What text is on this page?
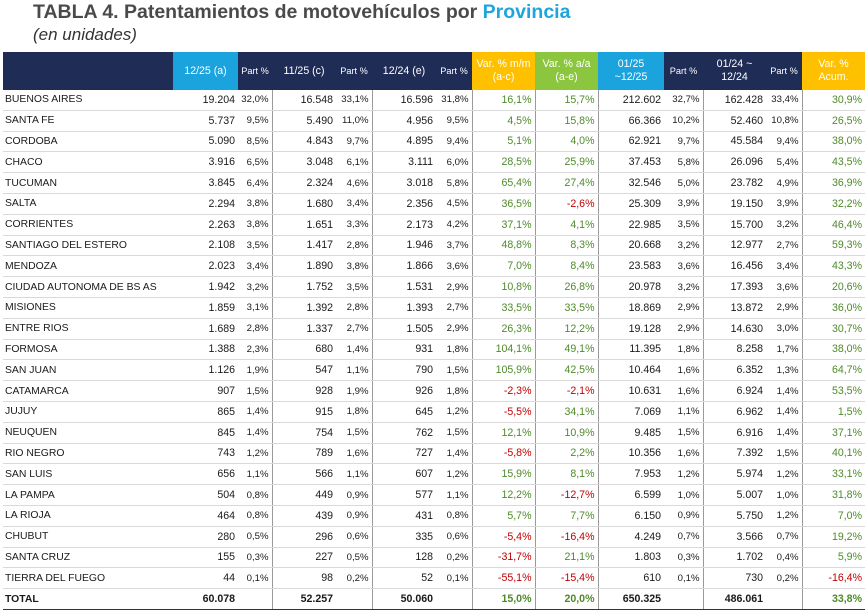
TABLA 4. Patentamientos de motovehículos por Provincia
(en unidades)
	12/25 (a)	Part %	11/25 (c)	Part %	12/24 (e)	Part %	Var. % m/m (a-c)	Var. % a/a (a-e)	01/25 ~12/25	Part %	01/24 ~ 12/24	Part %	Var. % Acum.
BUENOS AIRES	19.204	32,0%	16.548	33,1%	16.596	31,8%	16,1%	15,7%	212.602	32,7%	162.428	33,4%	30,9%
SANTA FE	5.737	9,5%	5.490	11,0%	4.956	9,5%	4,5%	15,8%	66.366	10,2%	52.460	10,8%	26,5%
CORDOBA	5.090	8,5%	4.843	9,7%	4.895	9,4%	5,1%	4,0%	62.921	9,7%	45.584	9,4%	38,0%
CHACO	3.916	6,5%	3.048	6,1%	3.111	6,0%	28,5%	25,9%	37.453	5,8%	26.096	5,4%	43,5%
TUCUMAN	3.845	6,4%	2.324	4,6%	3.018	5,8%	65,4%	27,4%	32.546	5,0%	23.782	4,9%	36,9%
SALTA	2.294	3,8%	1.680	3,4%	2.356	4,5%	36,5%	-2,6%	25.309	3,9%	19.150	3,9%	32,2%
CORRIENTES	2.263	3,8%	1.651	3,3%	2.173	4,2%	37,1%	4,1%	22.985	3,5%	15.700	3,2%	46,4%
SANTIAGO DEL ESTERO	2.108	3,5%	1.417	2,8%	1.946	3,7%	48,8%	8,3%	20.668	3,2%	12.977	2,7%	59,3%
MENDOZA	2.023	3,4%	1.890	3,8%	1.866	3,6%	7,0%	8,4%	23.583	3,6%	16.456	3,4%	43,3%
CIUDAD AUTONOMA DE BS AS	1.942	3,2%	1.752	3,5%	1.531	2,9%	10,8%	26,8%	20.978	3,2%	17.393	3,6%	20,6%
MISIONES	1.859	3,1%	1.392	2,8%	1.393	2,7%	33,5%	33,5%	18.869	2,9%	13.872	2,9%	36,0%
ENTRE RIOS	1.689	2,8%	1.337	2,7%	1.505	2,9%	26,3%	12,2%	19.128	2,9%	14.630	3,0%	30,7%
FORMOSA	1.388	2,3%	680	1,4%	931	1,8%	104,1%	49,1%	11.395	1,8%	8.258	1,7%	38,0%
SAN JUAN	1.126	1,9%	547	1,1%	790	1,5%	105,9%	42,5%	10.464	1,6%	6.352	1,3%	64,7%
CATAMARCA	907	1,5%	928	1,9%	926	1,8%	-2,3%	-2,1%	10.631	1,6%	6.924	1,4%	53,5%
JUJUY	865	1,4%	915	1,8%	645	1,2%	-5,5%	34,1%	7.069	1,1%	6.962	1,4%	1,5%
NEUQUEN	845	1,4%	754	1,5%	762	1,5%	12,1%	10,9%	9.485	1,5%	6.916	1,4%	37,1%
RIO NEGRO	743	1,2%	789	1,6%	727	1,4%	-5,8%	2,2%	10.356	1,6%	7.392	1,5%	40,1%
SAN LUIS	656	1,1%	566	1,1%	607	1,2%	15,9%	8,1%	7.953	1,2%	5.974	1,2%	33,1%
LA PAMPA	504	0,8%	449	0,9%	577	1,1%	12,2%	-12,7%	6.599	1,0%	5.007	1,0%	31,8%
LA RIOJA	464	0,8%	439	0,9%	431	0,8%	5,7%	7,7%	6.150	0,9%	5.750	1,2%	7,0%
CHUBUT	280	0,5%	296	0,6%	335	0,6%	-5,4%	-16,4%	4.249	0,7%	3.566	0,7%	19,2%
SANTA CRUZ	155	0,3%	227	0,5%	128	0,2%	-31,7%	21,1%	1.803	0,3%	1.702	0,4%	5,9%
TIERRA DEL FUEGO	44	0,1%	98	0,2%	52	0,1%	-55,1%	-15,4%	610	0,1%	730	0,2%	-16,4%
TOTAL	60.078		52.257		50.060		15,0%	20,0%	650.325		486.061		33,8%
